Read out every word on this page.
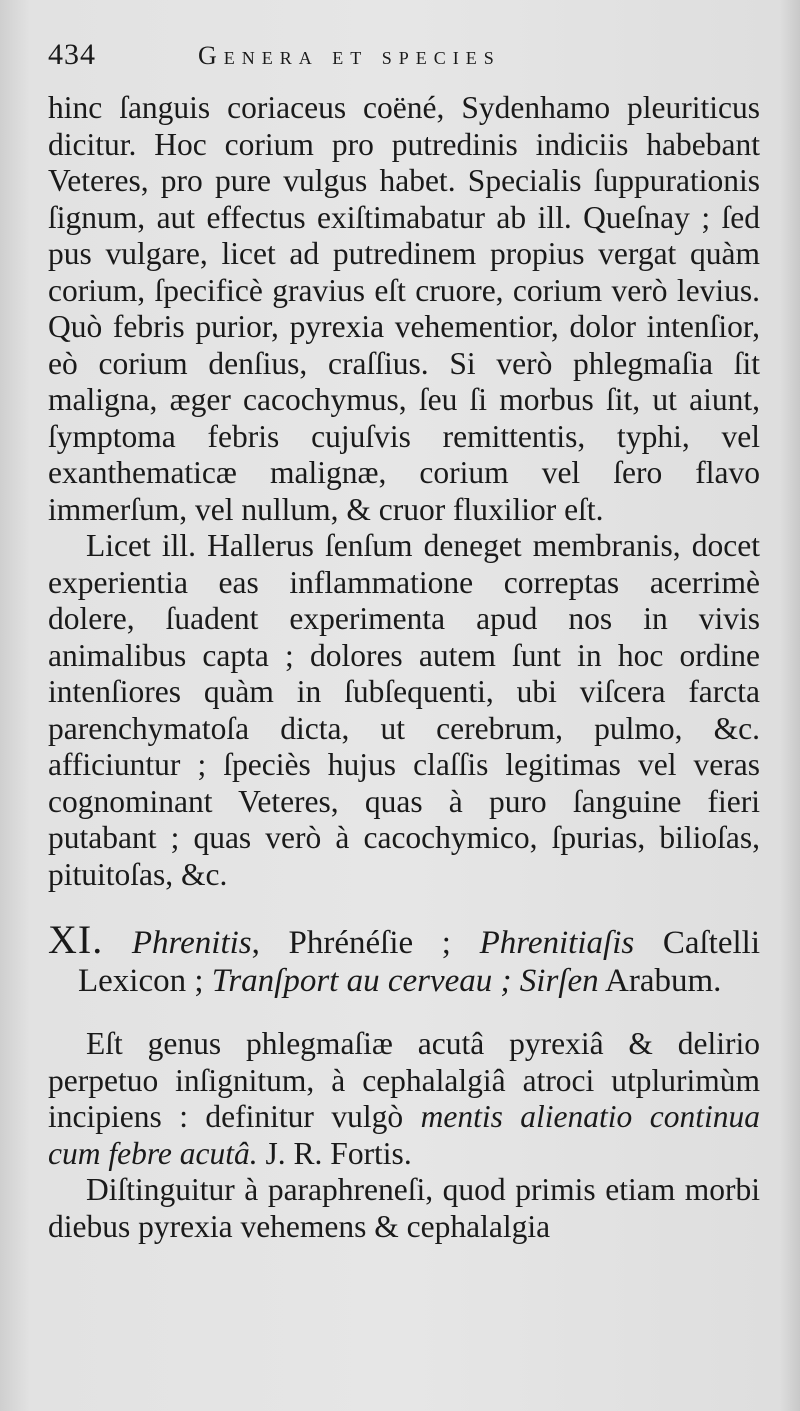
434	Genera et species

hinc ſanguis coriaceus coëné, Sydenhamo pleuriticus dicitur. Hoc corium pro putredinis indiciis habebant Veteres, pro pure vulgus habet. Specialis ſuppurationis ſignum, aut effectus exiſtimabatur ab ill. Queſnay ; ſed pus vulgare, licet ad putredinem propius vergat quàm corium, ſpecificè gravius eſt cruore, corium verò levius. Quò febris purior, pyrexia vehementior, dolor intenſior, eò corium denſius, craſſius. Si verò phlegmaſia ſit maligna, æger cacochymus, ſeu ſi morbus ſit, ut aiunt, ſymptoma febris cujuſvis remittentis, typhi, vel exanthematicæ malignæ, corium vel ſero flavo immerſum, vel nullum, & cruor fluxilior eſt.

Licet ill. Hallerus ſenſum deneget membranis, docet experientia eas inflammatione correptas acerrimè dolere, ſuadent experimenta apud nos in vivis animalibus capta ; dolores autem ſunt in hoc ordine intenſiores quàm in ſubſequenti, ubi viſcera farcta parenchymatoſa dicta, ut cerebrum, pulmo, &c. afficiuntur ; ſpeciès hujus claſſis legitimas vel veras cognominant Veteres, quas à puro ſanguine fieri putabant ; quas verò à cacochymico, ſpurias, bilioſas, pituitoſas, &c.

XI. Phrenitis, Phrénéſie ; Phrenitiaſis Caſtelli Lexicon ; Tranſport au cerveau ; Sirſen Arabum.

Eſt genus phlegmaſiæ acutâ pyrexiâ & delirio perpetuo inſignitum, à cephalalgiâ atroci utplurimùm incipiens : definitur vulgò mentis alienatio continua cum febre acutâ. J. R. Fortis.

Diſtinguitur à paraphreneſi, quod primis etiam morbi diebus pyrexia vehemens & cephalalgia
